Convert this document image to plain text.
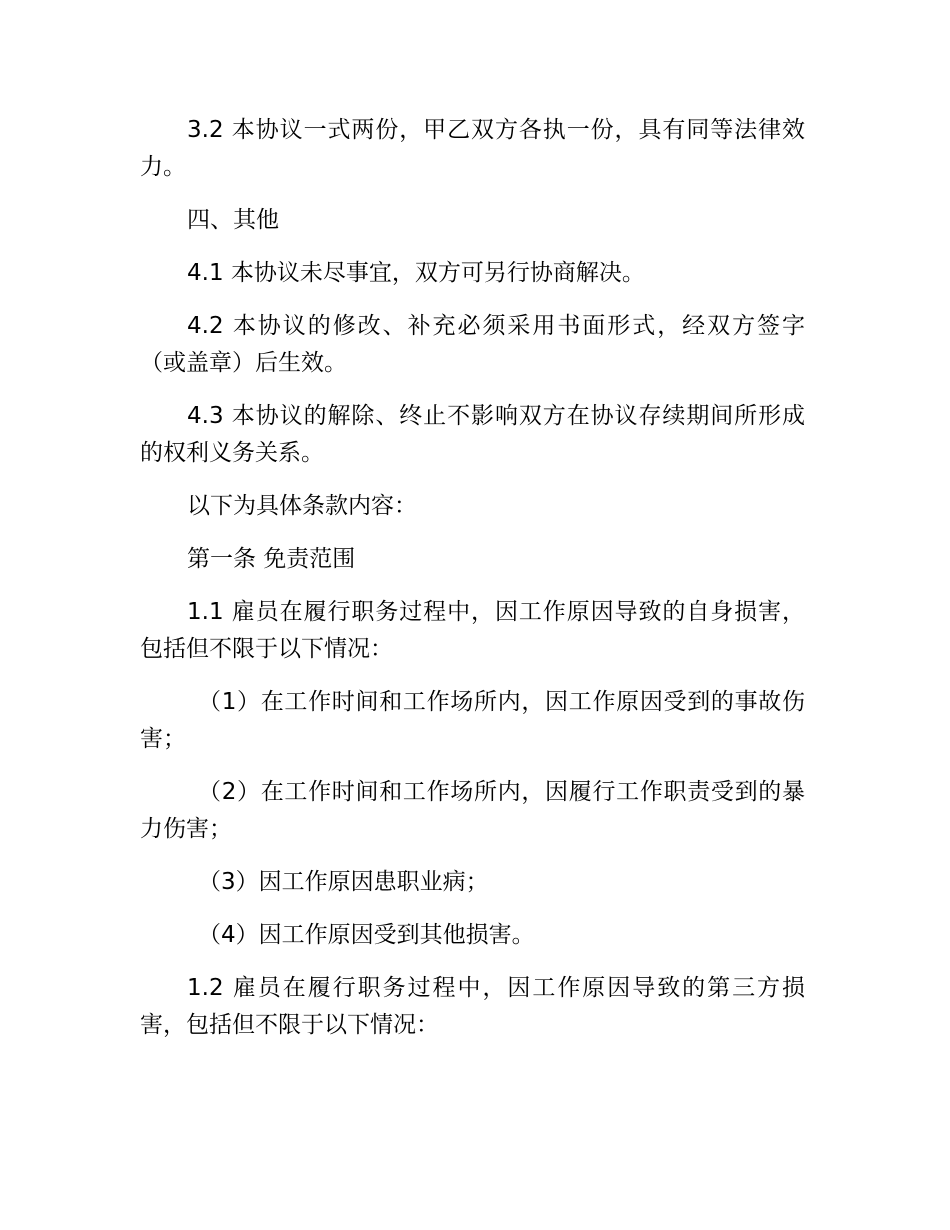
3.2 本协议一式两份，甲乙双方各执一份，具有同等法律效力。

四、其他

4.1 本协议未尽事宜，双方可另行协商解决。

4.2 本协议的修改、补充必须采用书面形式，经双方签字（或盖章）后生效。

4.3 本协议的解除、终止不影响双方在协议存续期间所形成的权利义务关系。

以下为具体条款内容：

第一条 免责范围

1.1 雇员在履行职务过程中，因工作原因导致的自身损害，包括但不限于以下情况：

（1）在工作时间和工作场所内，因工作原因受到的事故伤害；

（2）在工作时间和工作场所内，因履行工作职责受到的暴力伤害；

（3）因工作原因患职业病；

（4）因工作原因受到其他损害。

1.2 雇员在履行职务过程中，因工作原因导致的第三方损害，包括但不限于以下情况：
